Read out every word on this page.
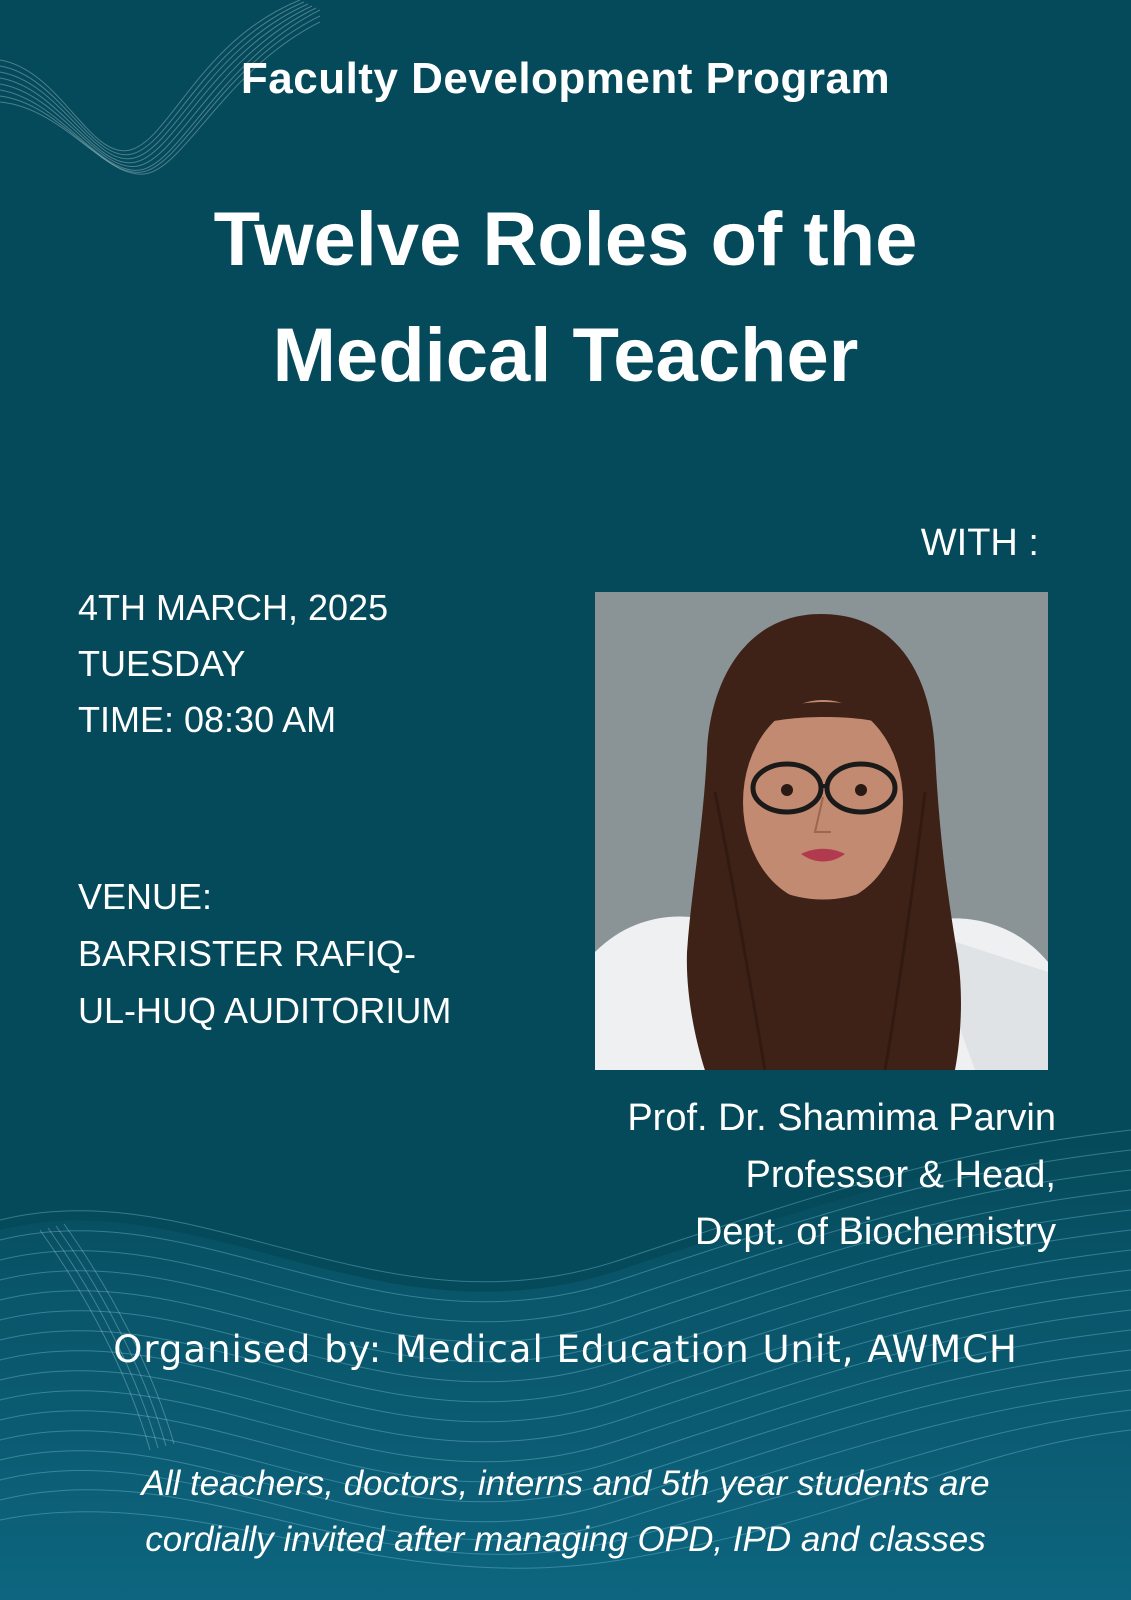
Faculty Development Program
Twelve Roles of the
Medical Teacher
WITH :
4TH MARCH, 2025
TUESDAY
TIME: 08:30 AM
VENUE:
BARRISTER RAFIQ-
UL-HUQ AUDITORIUM
Prof. Dr. Shamima Parvin
Professor & Head,
Dept. of Biochemistry
Organised by: Medical Education Unit, AWMCH
All teachers, doctors, interns and 5th year students are
cordially invited after managing OPD, IPD and classes
